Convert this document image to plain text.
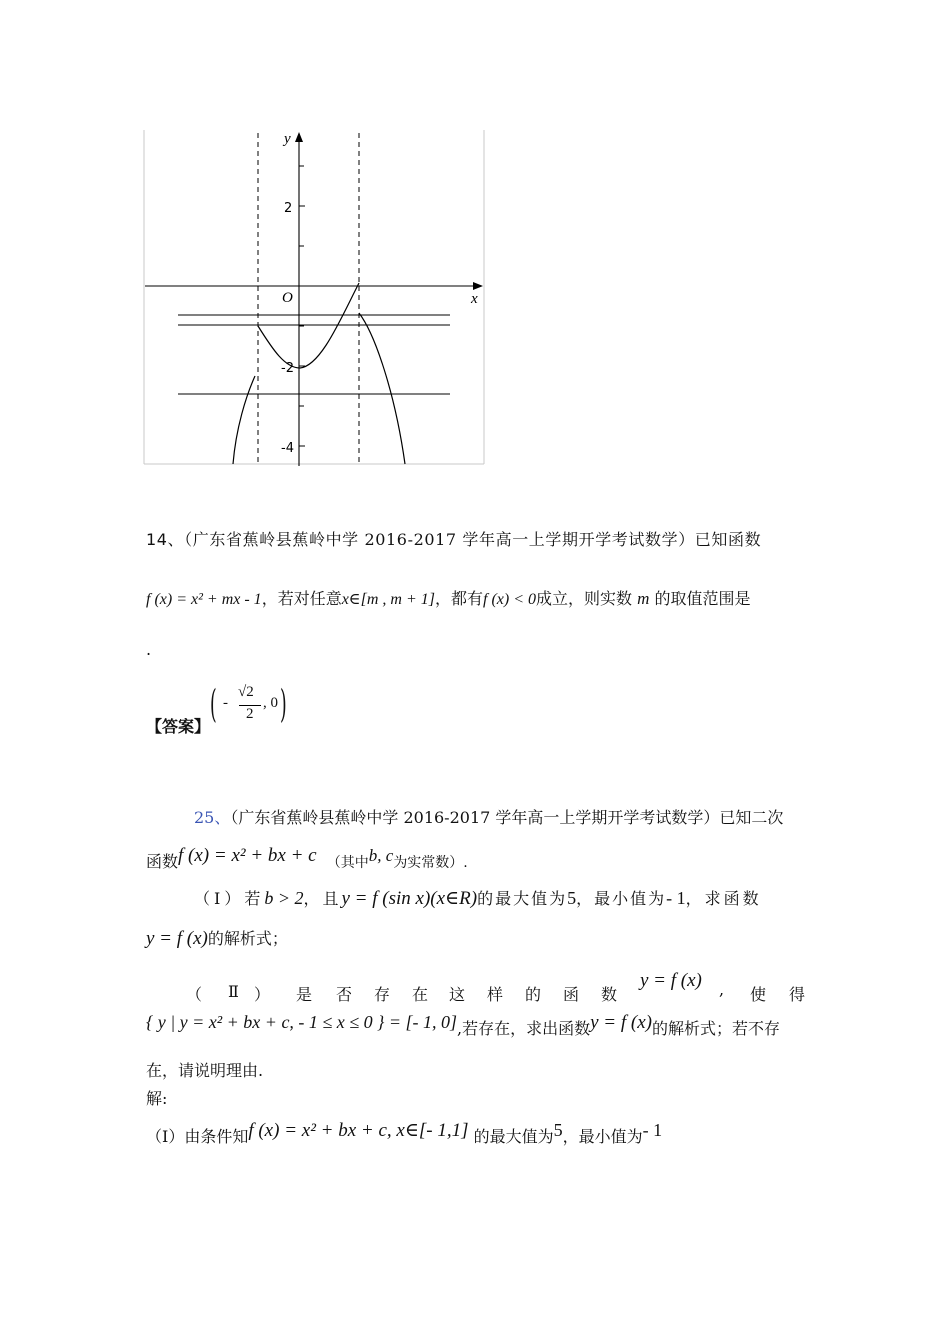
y
x
O
2
-2
-4
14、（广东省蕉岭县蕉岭中学 2016-2017 学年高一上学期开学考试数学）已知函数
f (x) = x² + mx - 1，若对任意x∈[m , m + 1]，都有f (x) < 0成立，则实数 m 的取值范围是
.
【答案】
( -
√2
2
, 0 )
25、（广东省蕉岭县蕉岭中学 2016-2017 学年高一上学期开学考试数学）已知二次
函数f (x) = x² + bx + c （其中b, c为实常数）.
（Ⅰ）若b > 2，且y = f (sin x)(x∈R)的最大值为5，最小值为- 1，求函数
y = f (x)的解析式；
（ Ⅱ ） 是 否 存 在 这 样 的 函 数
y = f (x) , 使 得
{ y | y = x² + bx + c, - 1 ≤ x ≤ 0 } = [- 1, 0],若存在，求出函数y = f (x)的解析式；若不存
在，请说明理由.
解:
（Ⅰ）由条件知f (x) = x² + bx + c, x∈[- 1,1] 的最大值为5，最小值为- 1
